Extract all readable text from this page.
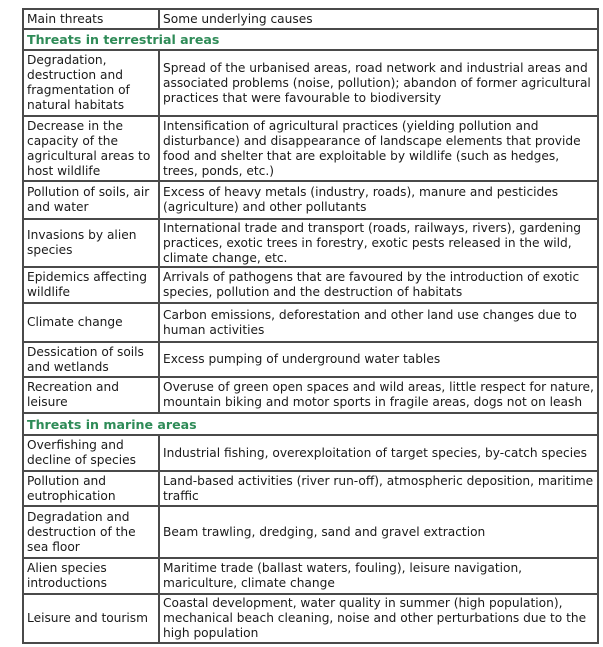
Main threats	Some underlying causes
Threats in terrestrial areas	
Degradation, destruction and fragmentation of natural habitats	Spread of the urbanised areas, road network and industrial areas and associated problems (noise, pollution); abandon of former agricultural practices that were favourable to biodiversity
Decrease in the capacity of the agricultural areas to host wildlife	Intensification of agricultural practices (yielding pollution and disturbance) and disappearance of landscape elements that provide food and shelter that are exploitable by wildlife (such as hedges, trees, ponds, etc.)
Pollution of soils, air and water	Excess of heavy metals (industry, roads), manure and pesticides (agriculture) and other pollutants
Invasions by alien species	International trade and transport (roads, railways, rivers), gardening practices, exotic trees in forestry, exotic pests released in the wild, climate change, etc.
Epidemics affecting wildlife	Arrivals of pathogens that are favoured by the introduction of exotic species, pollution and the destruction of habitats
Climate change	Carbon emissions, deforestation and other land use changes due to human activities
Dessication of soils and wetlands	Excess pumping of underground water tables
Recreation and leisure	Overuse of green open spaces and wild areas, little respect for nature, mountain biking and motor sports in fragile areas, dogs not on leash
Threats in marine areas	
Overfishing and decline of species	Industrial fishing, overexploitation of target species, by-catch species
Pollution and eutrophication	Land-based activities (river run-off), atmospheric deposition, maritime traffic
Degradation and destruction of the sea floor	Beam trawling, dredging, sand and gravel extraction
Alien species introductions	Maritime trade (ballast waters, fouling), leisure navigation, mariculture, climate change
Leisure and tourism	Coastal development, water quality in summer (high population), mechanical beach cleaning, noise and other perturbations due to the high population
